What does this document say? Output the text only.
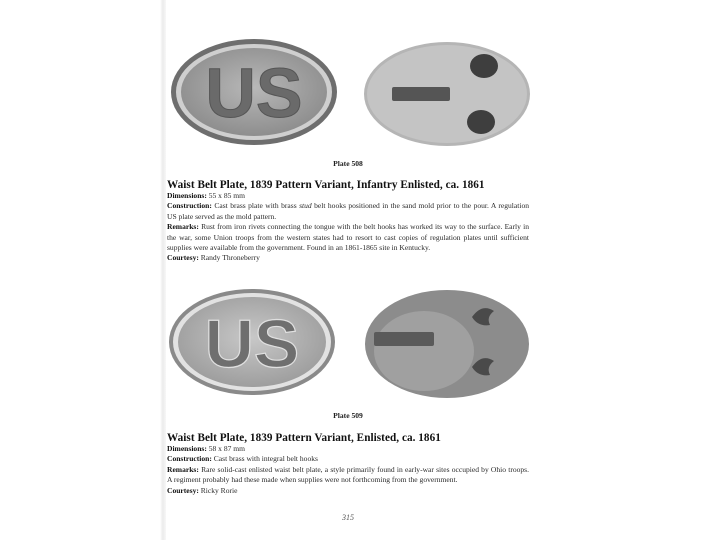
US
Plate 508
Waist Belt Plate, 1839 Pattern Variant, Infantry Enlisted, ca. 1861

Dimensions: 55 x 85 mm

Construction: Cast brass plate with brass stud belt hooks positioned in the sand mold prior to the pour. A regulation US plate served as the mold pattern.

Remarks: Rust from iron rivets connecting the tongue with the belt hooks has worked its way to the surface. Early in the war, some Union troops from the western states had to resort to cast copies of regulation plates until sufficient supplies were available from the government. Found in an 1861-1865 site in Kentucky.

Courtesy: Randy Throneberry

US
Plate 509
Waist Belt Plate, 1839 Pattern Variant, Enlisted, ca. 1861

Dimensions: 58 x 87 mm

Construction: Cast brass with integral belt hooks

Remarks: Rare solid-cast enlisted waist belt plate, a style primarily found in early-war sites occupied by Ohio troops. A regiment probably had these made when supplies were not forthcoming from the government.

Courtesy: Ricky Rorie

315
